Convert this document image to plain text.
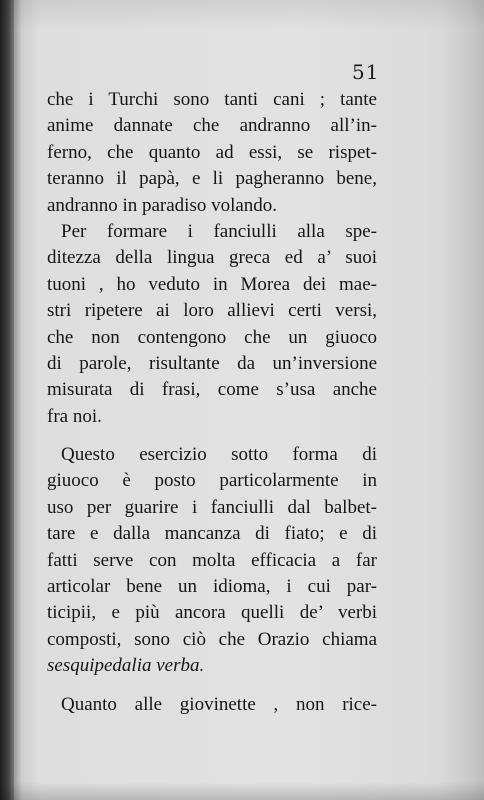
51
che i Turchi sono tanti cani ; tante
anime dannate che andranno all’in-
ferno, che quanto ad essi, se rispet-
teranno il papà, e li pagheranno bene,
andranno in paradiso volando.
Per formare i fanciulli alla spe-
ditezza della lingua greca ed a’ suoi
tuoni , ho veduto in Morea dei mae-
stri ripetere ai loro allievi certi versi,
che non contengono che un giuoco
di parole, risultante da un’inversione
misurata di frasi, come s’usa anche
fra noi.
Questo esercizio sotto forma di
giuoco è posto particolarmente in
uso per guarire i fanciulli dal balbet-
tare e dalla mancanza di fiato; e di
fatti serve con molta efficacia a far
articolar bene un idioma, i cui par-
ticipii, e più ancora quelli de’ verbi
composti, sono ciò che Orazio chiama
sesquipedalia verba.
Quanto alle giovinette , non rice-
